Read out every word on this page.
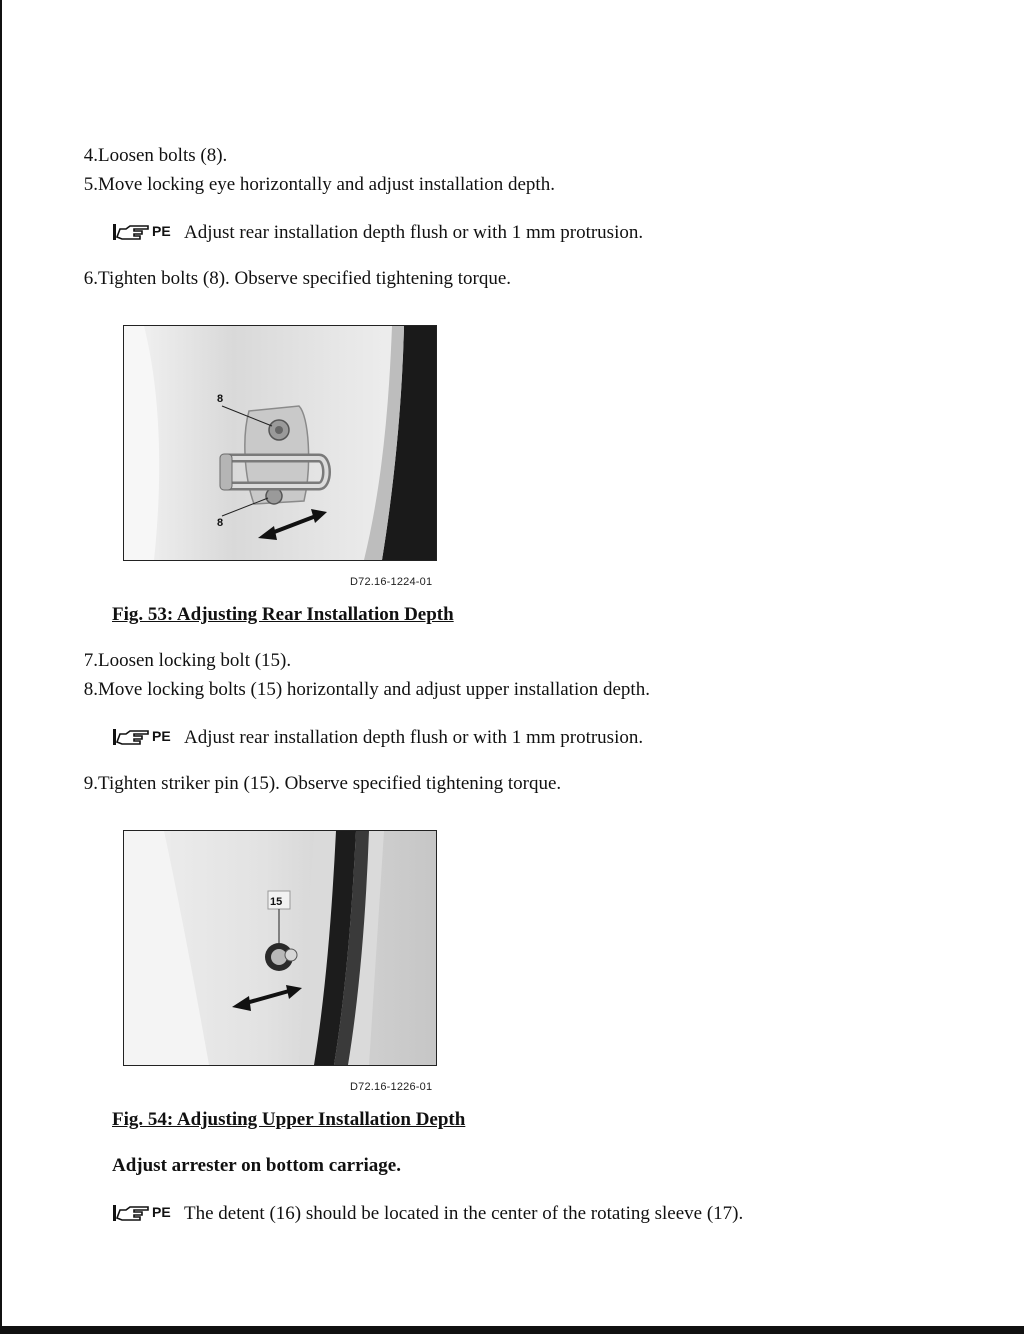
4. Loosen bolts (8).
5. Move locking eye horizontally and adjust installation depth.
PE Adjust rear installation depth flush or with 1 mm protrusion.
6. Tighten bolts (8). Observe specified tightening torque.
8
8
D72.16-1224-01
Fig. 53: Adjusting Rear Installation Depth
7. Loosen locking bolt (15).
8. Move locking bolts (15) horizontally and adjust upper installation depth.
PE Adjust rear installation depth flush or with 1 mm protrusion.
9. Tighten striker pin (15). Observe specified tightening torque.
15
D72.16-1226-01
Fig. 54: Adjusting Upper Installation Depth
Adjust arrester on bottom carriage.
PE The detent (16) should be located in the center of the rotating sleeve (17).
